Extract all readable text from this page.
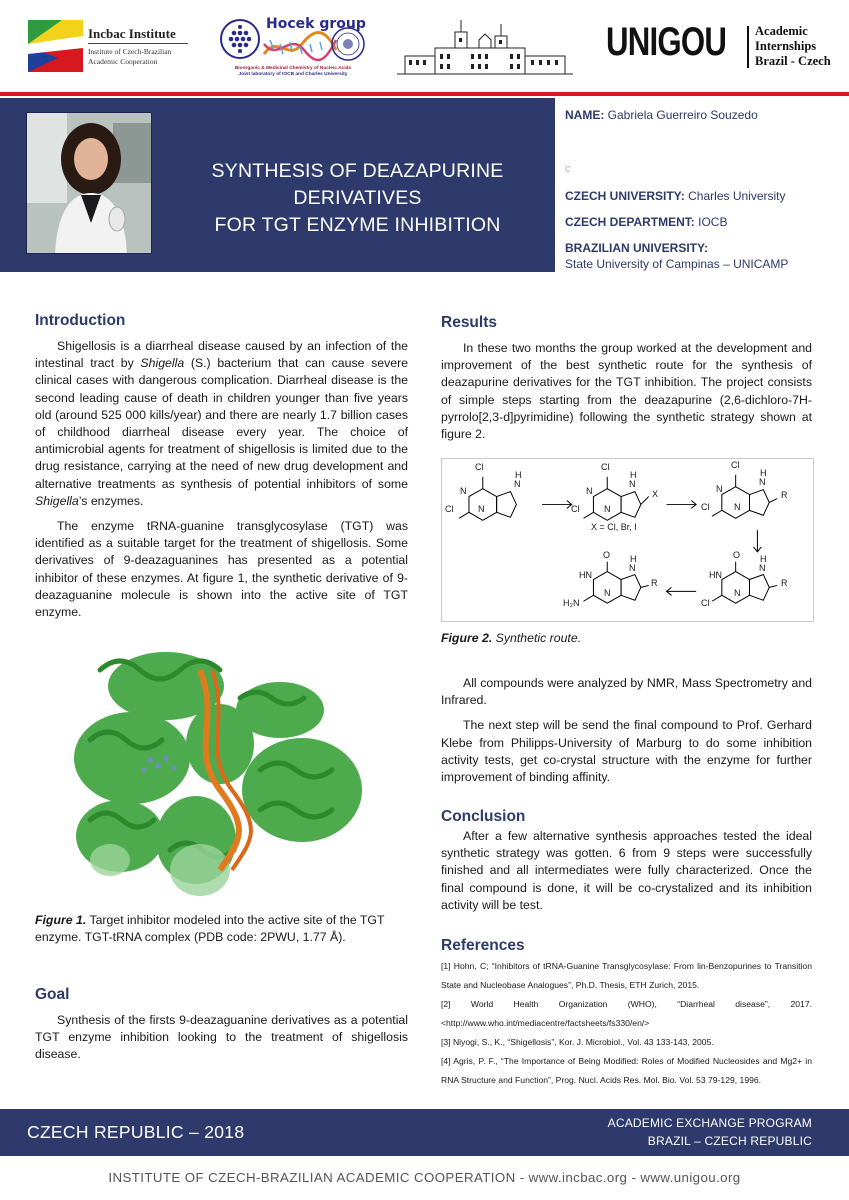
Incbac Institute
Institute of Czech-Brazilian Academic Cooperation
Hocek group
Bioorganic & Medicinal Chemistry of Nucleic Acids
Joint laboratory of IOCB and Charles University
UNIGOU Academic
Internships
Brazil - Czech
SYNTHESIS OF DEAZAPURINE DERIVATIVES
FOR TGT ENZYME INHIBITION
NAME: Gabriela Guerreiro Souzedo
c
CZECH UNIVERSITY: Charles University
CZECH DEPARTMENT: IOCB
BRAZILIAN UNIVERSITY:
State University of Campinas – UNICAMP
Introduction

Shigellosis is a diarrheal disease caused by an infection of the intestinal tract by Shigella (S.) bacterium that can cause severe clinical cases with dangerous complication. Diarrheal disease is the second leading cause of death in children younger than five years old (around 525 000 kills/year) and there are nearly 1.7 billion cases of childhood diarrheal disease every year. The choice of antimicrobial agents for treatment of shigellosis is limited due to the drug resistance, carrying at the need of new drug development and alternative treatments as synthesis of potential inhibitors of some Shigella’s enzymes.

The enzyme tRNA-guanine transglycosylase (TGT) was identified as a suitable target for the treatment of shigellosis. Some derivatives of 9-deazaguanines has presented as a potential inhibitor of these enzymes. At figure 1, the synthetic derivative of 9-deazaguanine molecule is shown into the active site of TGT enzyme.

Figure 1. Target inhibitor modeled into the active site of the TGT enzyme. TGT-tRNA complex (PDB code: 2PWU, 1.77 Å).
Goal

Synthesis of the firsts 9-deazaguanine derivatives as a potential TGT enzyme inhibition looking to the treatment of shigellosis disease.

Results

In these two months the group worked at the development and improvement of the best synthetic route for the synthesis of deazapurine derivatives for the TGT inhibition. The project consists of simple steps starting from the deazapurine (2,6-dichloro-7H-pyrrolo[2,3-d]pyrimidine) following the synthetic strategy shown at figure 2.

Cl
H
N
N
N
Cl
Cl
H
N
N
N
Cl
X
X = Cl, Br, I
Cl
H
N
N
N
Cl
R
O H
N
HN
N
Cl
R
O H
N
HN
N
H₂N
R
Figure 2. Synthetic route.

All compounds were analyzed by NMR, Mass Spectrometry and Infrared.

The next step will be send the final compound to Prof. Gerhard Klebe from Philipps-University of Marburg to do some inhibition activity tests, get co-crystal structure with the enzyme for further improvement of binding affinity.

Conclusion

After a few alternative synthesis approaches tested the ideal synthetic strategy was gotten. 6 from 9 steps were successfully finished and all intermediates were fully characterized. Once the final compound is done, it will be co-crystalized and its inhibition activity will be test.

References
[1] Hohn, C; “Inhibitors of tRNA-Guanine Transglycosylase: From lin-Benzopurines to Transition State and Nucleobase Analogues”, Ph.D. Thesis, ETH Zurich, 2015.
[2] World Health Organization (WHO), “Diarrheal disease”, 2017. <http://www.who.int/mediacentre/factsheets/fs330/en/>
[3] Niyogi, S., K., “Shigellosis”, Kor. J. Microbiol., Vol. 43 133-143, 2005.
[4] Agris, P. F., “The Importance of Being Modified: Roles of Modified Nucleosides and Mg2+ in RNA Structure and Function”, Prog. Nucl. Acids Res. Mol. Bio. Vol. 53 79-129, 1996.
CZECH REPUBLIC – 2018	ACADEMIC EXCHANGE PROGRAM
BRAZIL – CZECH REPUBLIC
INSTITUTE OF CZECH-BRAZILIAN ACADEMIC COOPERATION - www.incbac.org - www.unigou.org
